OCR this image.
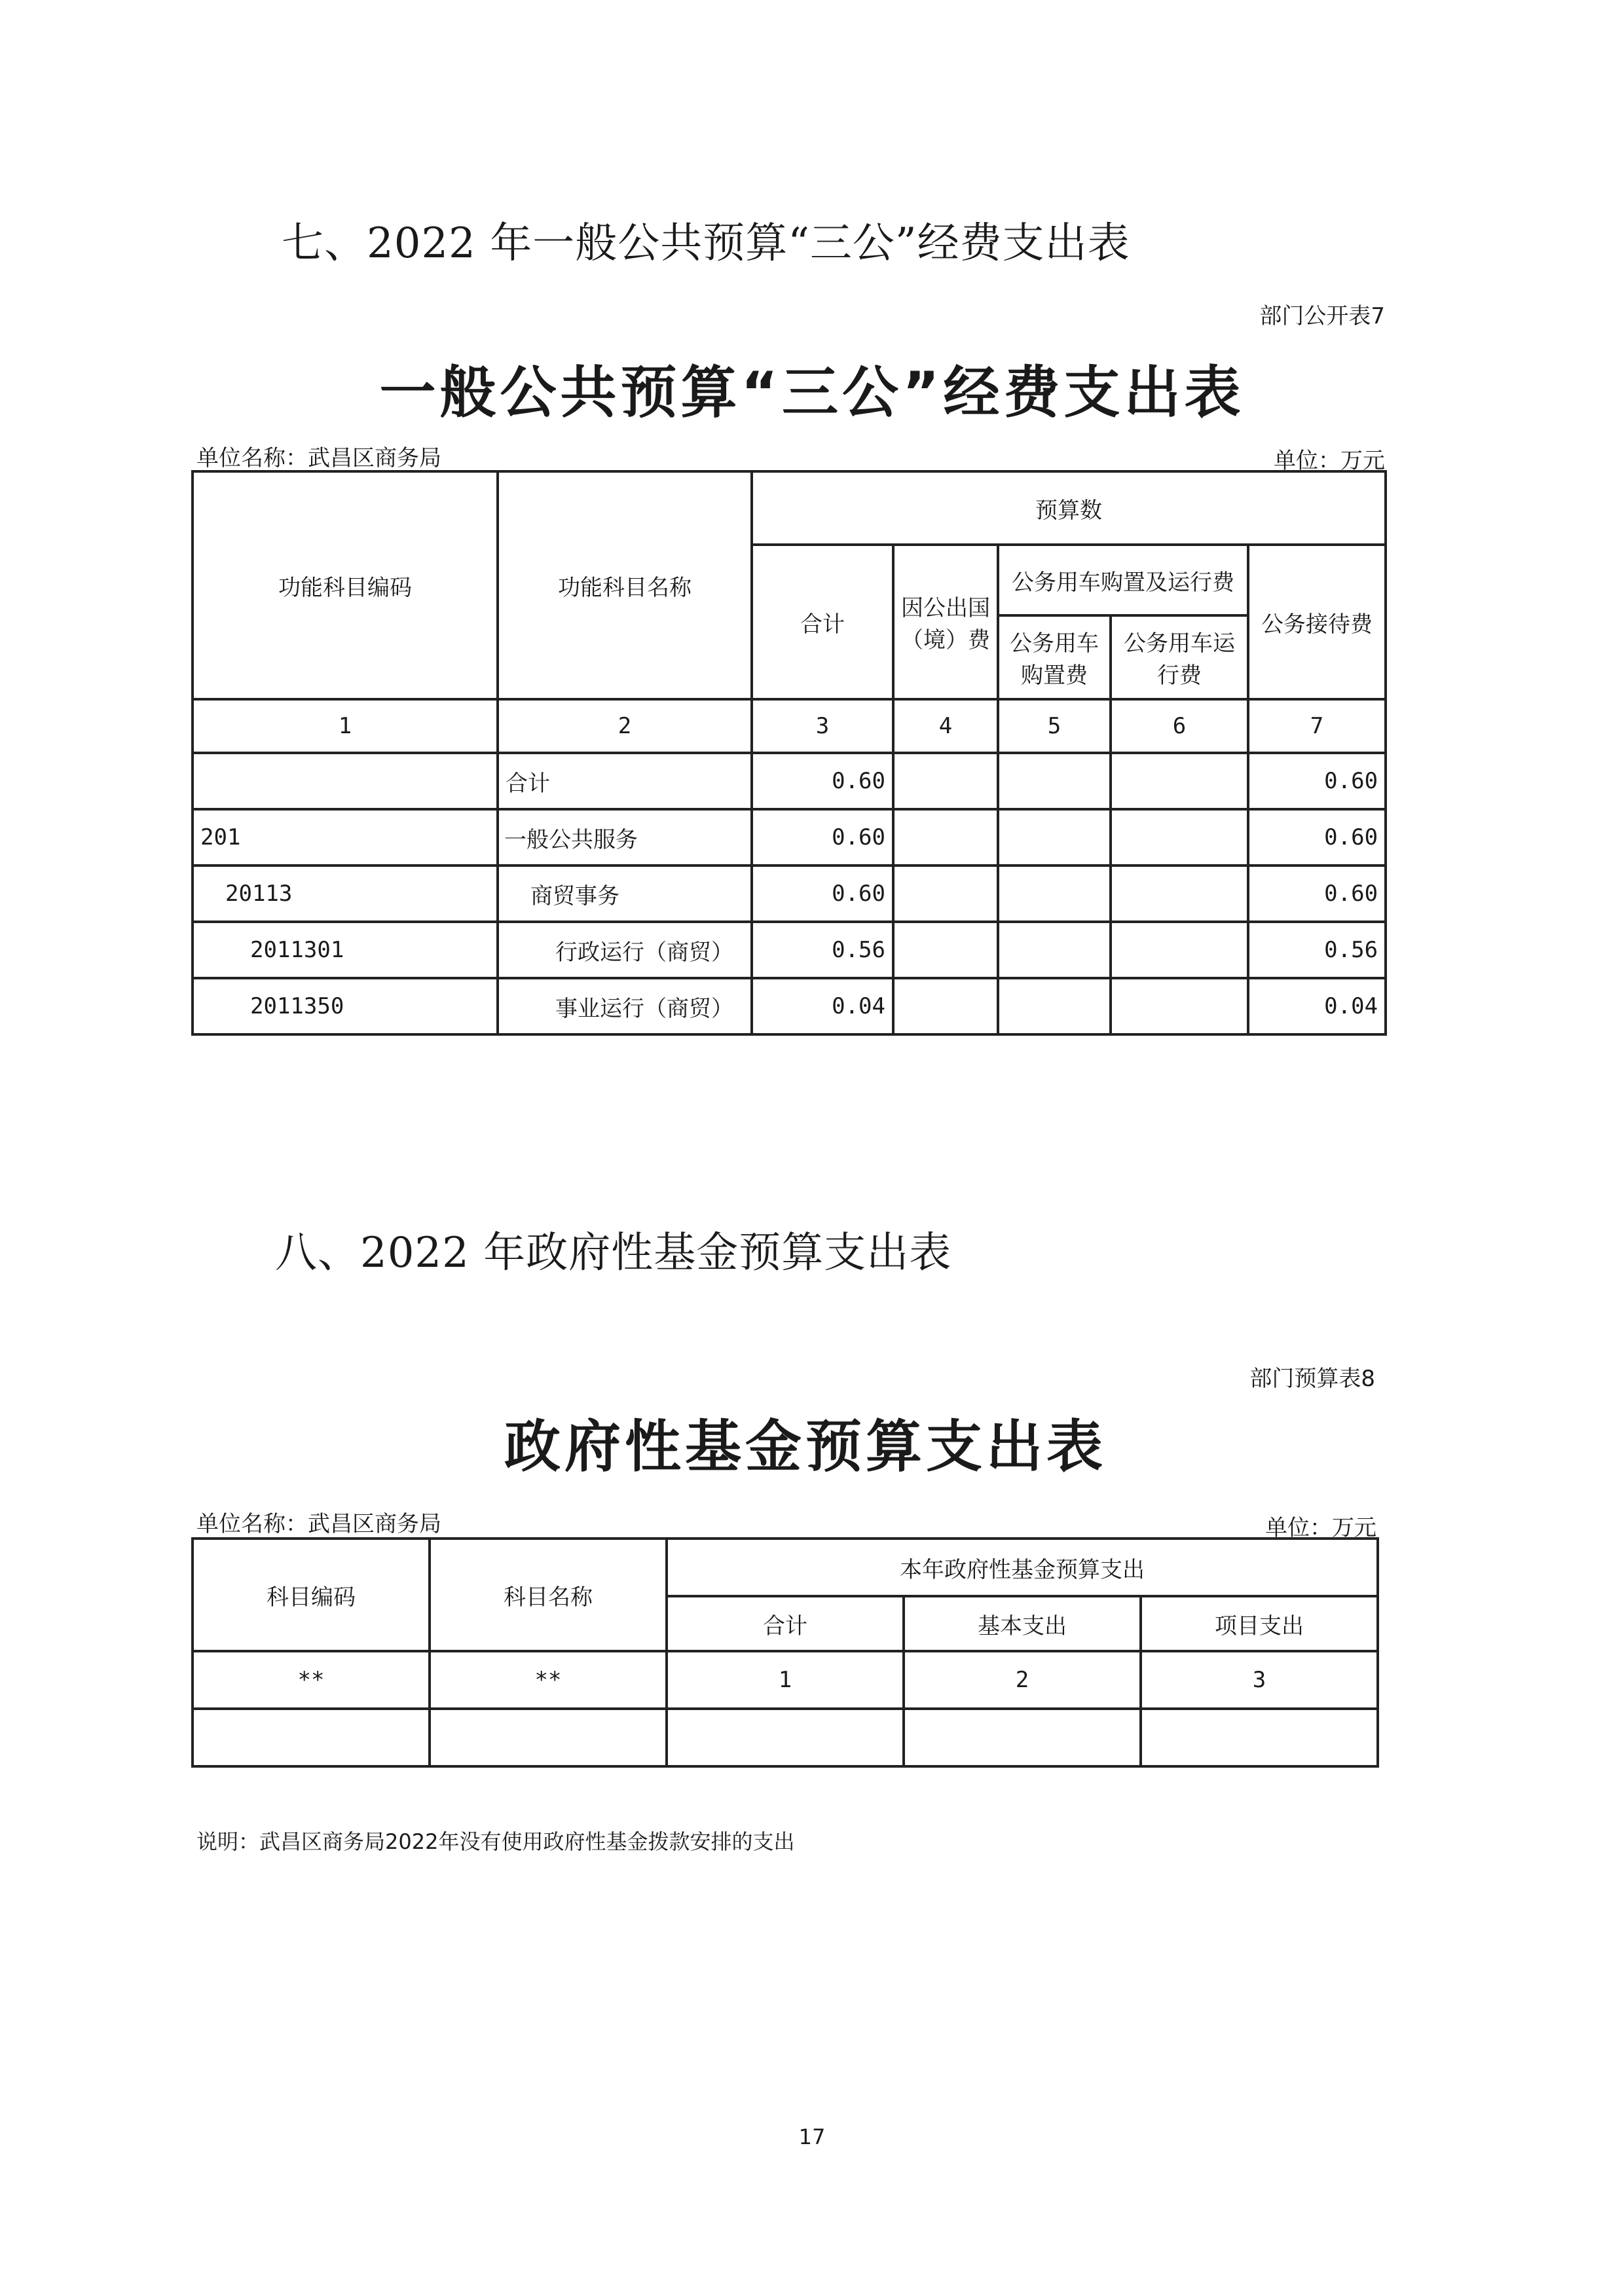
七、2022 年一般公共预算“三公”经费支出表
部门公开表7
一般公共预算“三公”经费支出表
单位名称：武昌区商务局	单位：万元
功能科目编码	功能科目名称	预算数				
		合计	因公出国（境）费	公务用车购置及运行费		公务接待费
				公务用车购置费	公务用车运行费	
1	2	3	4	5	6	7
	合计	0.60				0.60
201	一般公共服务	0.60				0.60
20113	商贸事务	0.60				0.60
2011301	行政运行（商贸）	0.56				0.56
2011350	事业运行（商贸）	0.04				0.04
八、2022 年政府性基金预算支出表
部门预算表8
政府性基金预算支出表
单位名称：武昌区商务局	单位：万元
科目编码	科目名称	本年政府性基金预算支出		
		合计	基本支出	项目支出
**	**	1	2	3

说明：武昌区商务局2022年没有使用政府性基金拨款安排的支出
17
